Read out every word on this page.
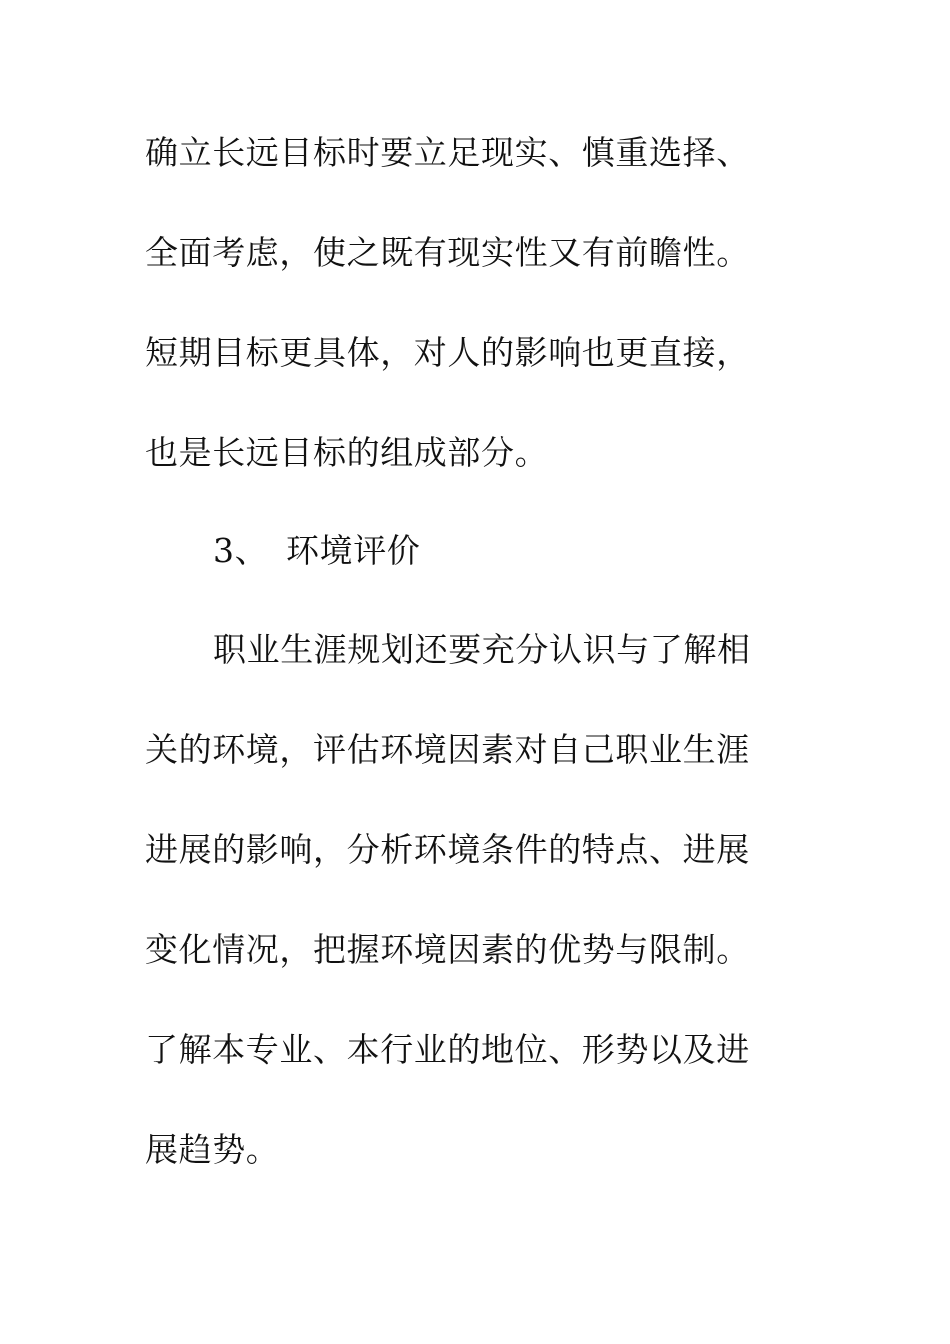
确立长远目标时要立足现实、慎重选择、
全面考虑，使之既有现实性又有前瞻性。
短期目标更具体，对人的影响也更直接，
也是长远目标的组成部分。
3、 环境评价
职业生涯规划还要充分认识与了解相
关的环境，评估环境因素对自己职业生涯
进展的影响，分析环境条件的特点、进展
变化情况，把握环境因素的优势与限制。
了解本专业、本行业的地位、形势以及进
展趋势。
